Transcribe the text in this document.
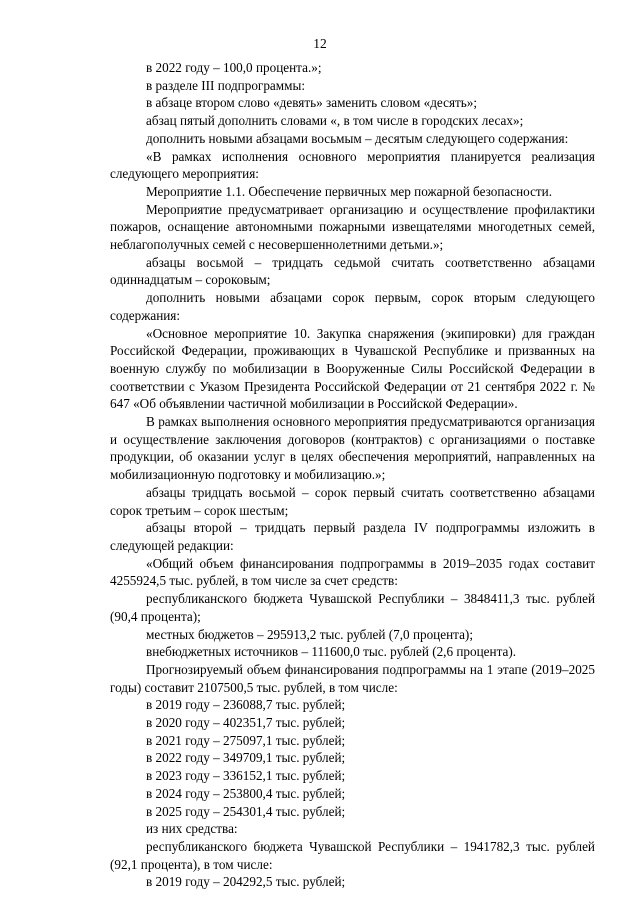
12

в 2022 году – 100,0 процента.»;

в разделе III подпрограммы:

в абзаце втором слово «девять» заменить словом «десять»;

абзац пятый дополнить словами «, в том числе в городских лесах»;

дополнить новыми абзацами восьмым – десятым следующего содержания:

«В рамках исполнения основного мероприятия планируется реализация следующего мероприятия:

Мероприятие 1.1. Обеспечение первичных мер пожарной безопасности.

Мероприятие предусматривает организацию и осуществление профилактики пожаров, оснащение автономными пожарными извещателями многодетных семей, неблагополучных семей с несовершеннолетними детьми.»;

абзацы восьмой – тридцать седьмой считать соответственно абзацами одиннадцатым – сороковым;

дополнить новыми абзацами сорок первым, сорок вторым следующего содержания:

«Основное мероприятие 10. Закупка снаряжения (экипировки) для граждан Российской Федерации, проживающих в Чувашской Республике и призванных на военную службу по мобилизации в Вооруженные Силы Российской Федерации в соответствии с Указом Президента Российской Федерации от 21 сентября 2022 г. № 647 «Об объявлении частичной мобилизации в Российской Федерации».

В рамках выполнения основного мероприятия предусматриваются организация и осуществление заключения договоров (контрактов) с организациями о поставке продукции, об оказании услуг в целях обеспечения мероприятий, направленных на мобилизационную подготовку и мобилизацию.»;

абзацы тридцать восьмой – сорок первый считать соответственно абзацами сорок третьим – сорок шестым;

абзацы второй – тридцать первый раздела IV подпрограммы изложить в следующей редакции:

«Общий объем финансирования подпрограммы в 2019–2035 годах составит 4255924,5 тыс. рублей, в том числе за счет средств:

республиканского бюджета Чувашской Республики – 3848411,3 тыс. рублей (90,4 процента);

местных бюджетов – 295913,2 тыс. рублей (7,0 процента);

внебюджетных источников – 111600,0 тыс. рублей (2,6 процента).

Прогнозируемый объем финансирования подпрограммы на 1 этапе (2019–2025 годы) составит 2107500,5 тыс. рублей, в том числе:

в 2019 году – 236088,7 тыс. рублей;

в 2020 году – 402351,7 тыс. рублей;

в 2021 году – 275097,1 тыс. рублей;

в 2022 году – 349709,1 тыс. рублей;

в 2023 году – 336152,1 тыс. рублей;

в 2024 году – 253800,4 тыс. рублей;

в 2025 году – 254301,4 тыс. рублей;

из них средства:

республиканского бюджета Чувашской Республики – 1941782,3 тыс. рублей (92,1 процента), в том числе:

в 2019 году – 204292,5 тыс. рублей;
